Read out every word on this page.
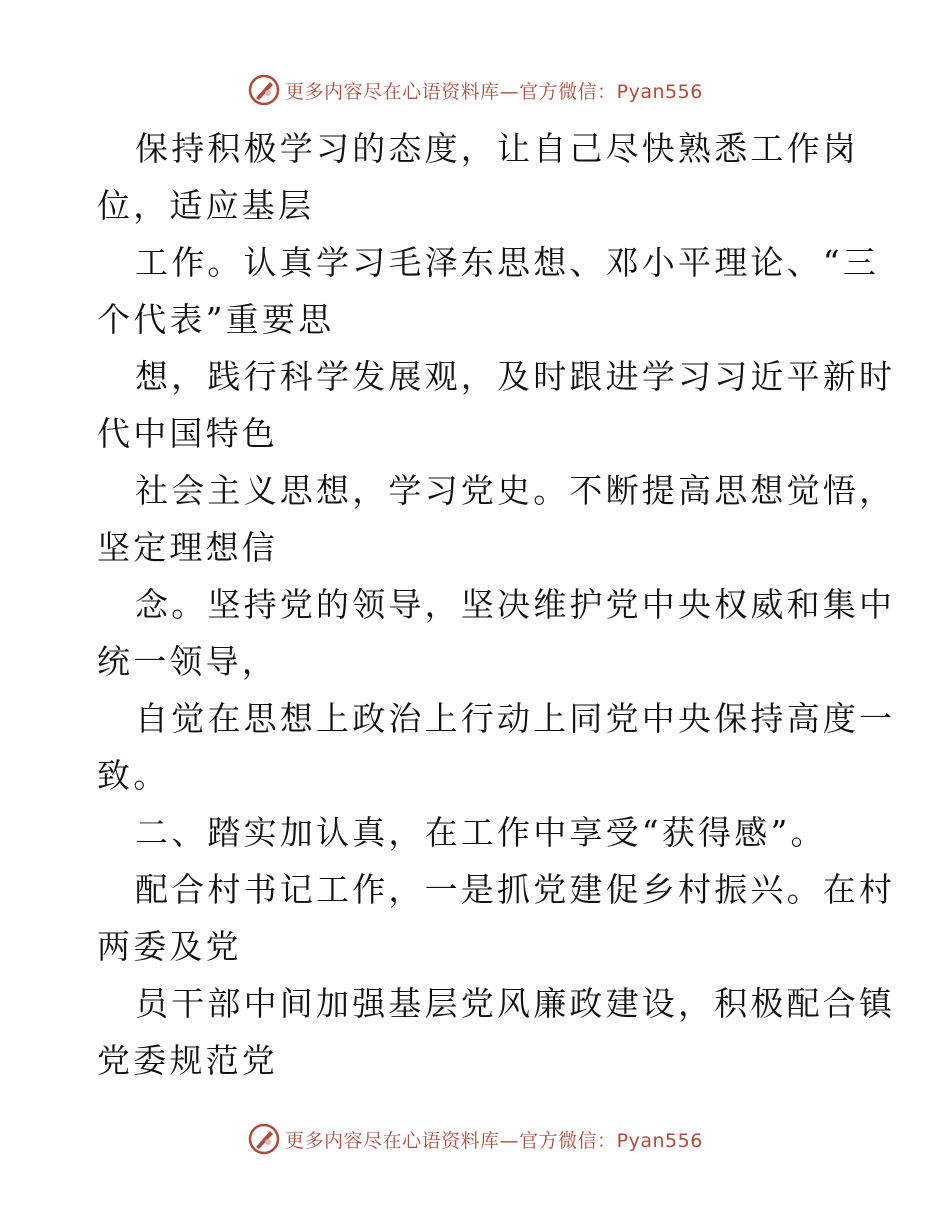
更多内容尽在心语资料库—官方微信：Pyan556
保持积极学习的态度，让自己尽快熟悉工作岗
位，适应基层
工作。认真学习毛泽东思想、邓小平理论、“三
个代表”重要思
想，践行科学发展观，及时跟进学习习近平新时
代中国特色
社会主义思想，学习党史。不断提高思想觉悟，
坚定理想信
念。坚持党的领导，坚决维护党中央权威和集中
统一领导，
自觉在思想上政治上行动上同党中央保持高度一
致。
二、踏实加认真，在工作中享受“获得感”。
配合村书记工作，一是抓党建促乡村振兴。在村
两委及党
员干部中间加强基层党风廉政建设，积极配合镇
党委规范党
更多内容尽在心语资料库—官方微信：Pyan556
